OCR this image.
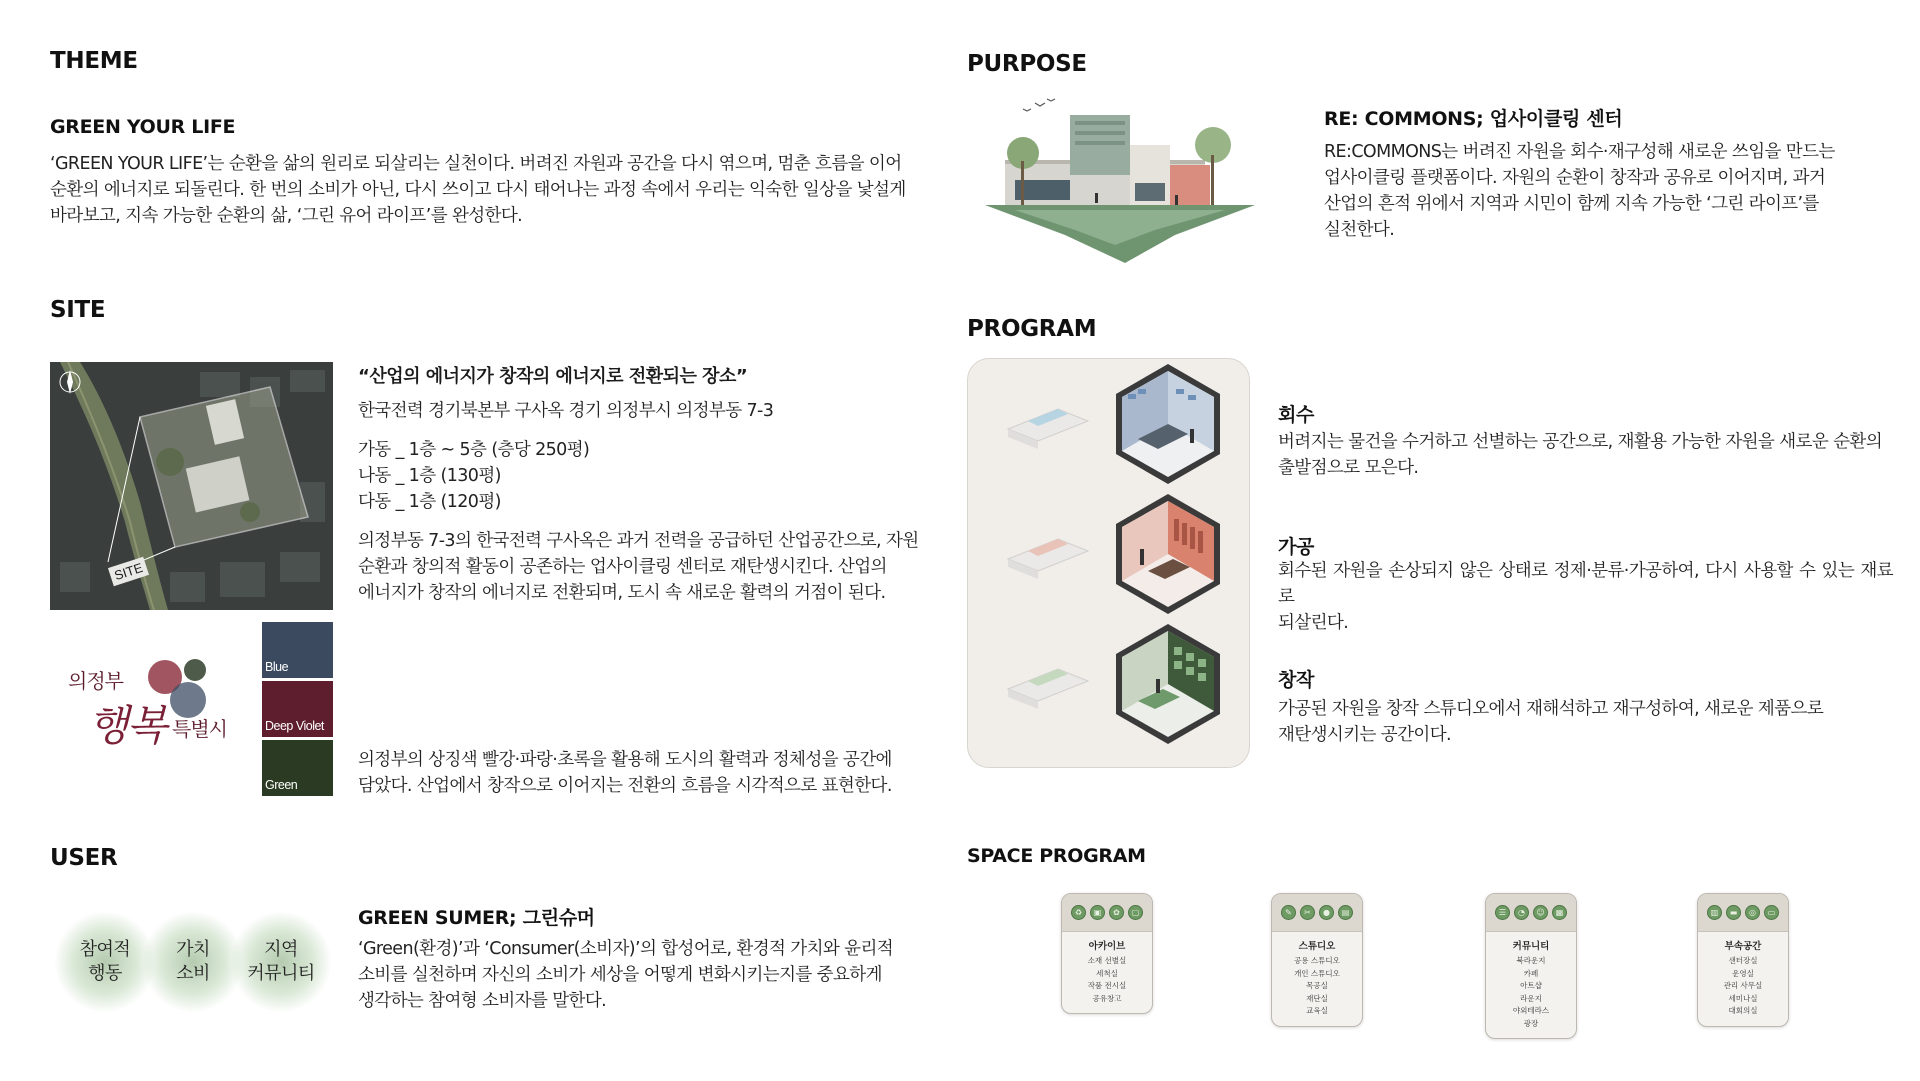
THEME
GREEN YOUR LIFE
‘GREEN YOUR LIFE’는 순환을 삶의 원리로 되살리는 실천이다. 버려진 자원과 공간을 다시 엮으며, 멈춘 흐름을 이어
순환의 에너지로 되돌린다. 한 번의 소비가 아닌, 다시 쓰이고 다시 태어나는 과정 속에서 우리는 익숙한 일상을 낯설게
바라보고, 지속 가능한 순환의 삶, ‘그린 유어 라이프’를 완성한다.
PURPOSE
RE: COMMONS; 업사이클링 센터
RE:COMMONS는 버려진 자원을 회수·재구성해 새로운 쓰임을 만드는
업사이클링 플랫폼이다. 자원의 순환이 창작과 공유로 이어지며, 과거
산업의 흔적 위에서 지역과 시민이 함께 지속 가능한 ‘그린 라이프’를
실천한다.
SITE
SITE
“산업의 에너지가 창작의 에너지로 전환되는 장소”
한국전력 경기북본부 구사옥 경기 의정부시 의정부동 7-3
가동 _ 1층 ~ 5층 (층당 250평)
나동 _ 1층 (130평)
다동 _ 1층 (120평)
의정부동 7-3의 한국전력 구사옥은 과거 전력을 공급하던 산업공간으로, 자원
순환과 창의적 활동이 공존하는 업사이클링 센터로 재탄생시킨다. 산업의
에너지가 창작의 에너지로 전환되며, 도시 속 새로운 활력의 거점이 된다.
의정부
행복 특별시
Blue
Deep Violet
Green
의정부의 상징색 빨강·파랑·초록을 활용해 도시의 활력과 정체성을 공간에
담았다. 산업에서 창작으로 이어지는 전환의 흐름을 시각적으로 표현한다.
PROGRAM
회수
버려지는 물건을 수거하고 선별하는 공간으로, 재활용 가능한 자원을 새로운 순환의
출발점으로 모은다.
가공
회수된 자원을 손상되지 않은 상태로 정제·분류·가공하여, 다시 사용할 수 있는 재료로
되살린다.
창작
가공된 자원을 창작 스튜디오에서 재해석하고 재구성하여, 새로운 제품으로
재탄생시키는 공간이다.
USER
참여적
행동
가치
소비
지역
커뮤니티
GREEN SUMER; 그린슈머
‘Green(환경)’과 ‘Consumer(소비자)’의 합성어로, 환경적 가치와 윤리적
소비를 실천하며 자신의 소비가 세상을 어떻게 변화시키는지를 중요하게
생각하는 참여형 소비자를 말한다.
SPACE PROGRAM
♻	▣	✿	▢
아카이브
소재 선별실
세척실
작품 전시실
공유창고
✎	✂	●	▤
스튜디오
공용 스튜디오
개인 스튜디오
목공실
재단실
교육실
☰	◔	☺	▦
커뮤니티
북라운지
카페
아트샵
라운지
야외테라스
광장
▥	▬	◎	▭
부속공간
샌터장실
운영실
관리 사무실
세미나실
대회의실
